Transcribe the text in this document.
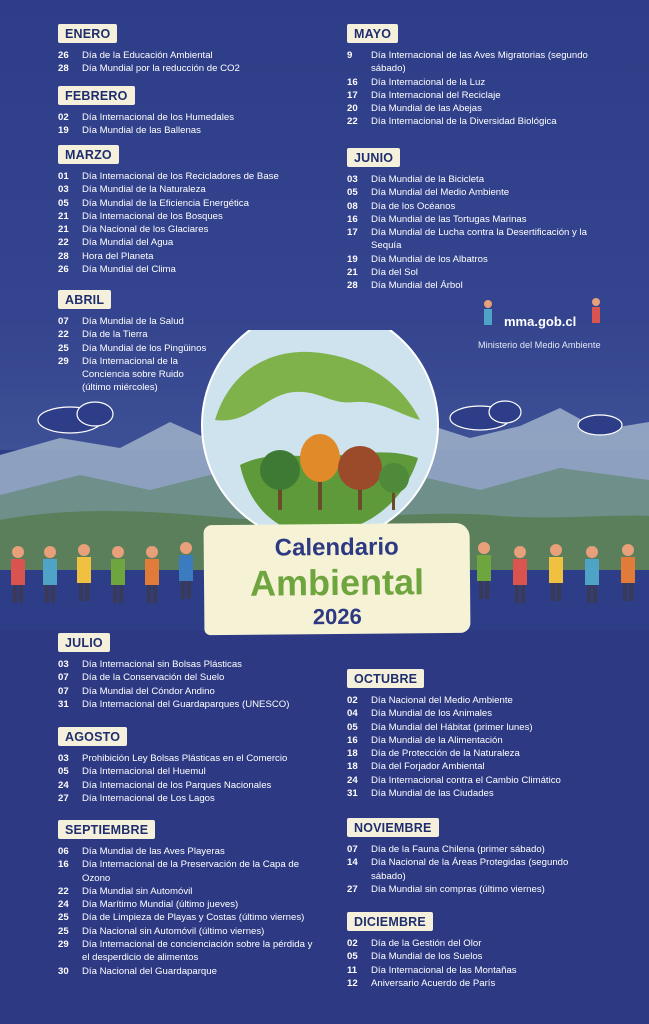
mma.gob.cl
Ministerio del Medio Ambiente
Calendario
Ambiental
2026
ENERO
26	Día de la Educación Ambiental
28	Día Mundial por la reducción de CO2
FEBRERO
02	Día Internacional de los Humedales
19	Día Mundial de las Ballenas
MARZO
01	Día Internacional de los Recicladores de Base
03	Día Mundial de la Naturaleza
05	Día Mundial de la Eficiencia Energética
21	Día Internacional de los Bosques
21	Día Nacional de los Glaciares
22	Día Mundial del Agua
28	Hora del Planeta
26	Día Mundial del Clima
ABRIL
07	Día Mundial de la Salud
22	Día de la Tierra
25	Día Mundial de los Pingüinos
29	Día Internacional de la Conciencia sobre Ruido (último miércoles)
MAYO
9	Día Internacional de las Aves Migratorias (segundo sábado)
16	Día Internacional de la Luz
17	Día Internacional del Reciclaje
20	Día Mundial de las Abejas
22	Día Internacional de la Diversidad Biológica
JUNIO
03	Día Mundial de la Bicicleta
05	Día Mundial del Medio Ambiente
08	Día de los Océanos
16	Día Mundial de las Tortugas Marinas
17	Día Mundial de Lucha contra la Desertificación y la Sequía
19	Día Mundial de los Albatros
21	Día del Sol
28	Día Mundial del Árbol
JULIO
03	Día Internacional sin Bolsas Plásticas
07	Día de la Conservación del Suelo
07	Día Mundial del Cóndor Andino
31	Día Internacional del Guardaparques (UNESCO)
AGOSTO
03	Prohibición Ley Bolsas Plásticas en el Comercio
05	Día Internacional del Huemul
24	Día Internacional de los Parques Nacionales
27	Día Internacional de Los Lagos
SEPTIEMBRE
06	Día Mundial de las Aves Playeras
16	Día Internacional de la Preservación de la Capa de Ozono
22	Día Mundial sin Automóvil
24	Día Marítimo Mundial (último jueves)
25	Día de Limpieza de Playas y Costas (último viernes)
25	Día Nacional sin Automóvil (último viernes)
29	Día Internacional de concienciación sobre la pérdida y el desperdicio de alimentos
30	Día Nacional del Guardaparque
OCTUBRE
02	Día Nacional del Medio Ambiente
04	Día Mundial de los Animales
05	Día Mundial del Hábitat (primer lunes)
16	Día Mundial de la Alimentación
18	Día de Protección de la Naturaleza
18	Día del Forjador Ambiental
24	Día Internacional contra el Cambio Climático
31	Día Mundial de las Ciudades
NOVIEMBRE
07	Día de la Fauna Chilena (primer sábado)
14	Día Nacional de la Áreas Protegidas (segundo sábado)
27	Día Mundial sin compras (último viernes)
DICIEMBRE
02	Día de la Gestión del Olor
05	Día Mundial de los Suelos
11	Día Internacional de las Montañas
12	Aniversario Acuerdo de París
